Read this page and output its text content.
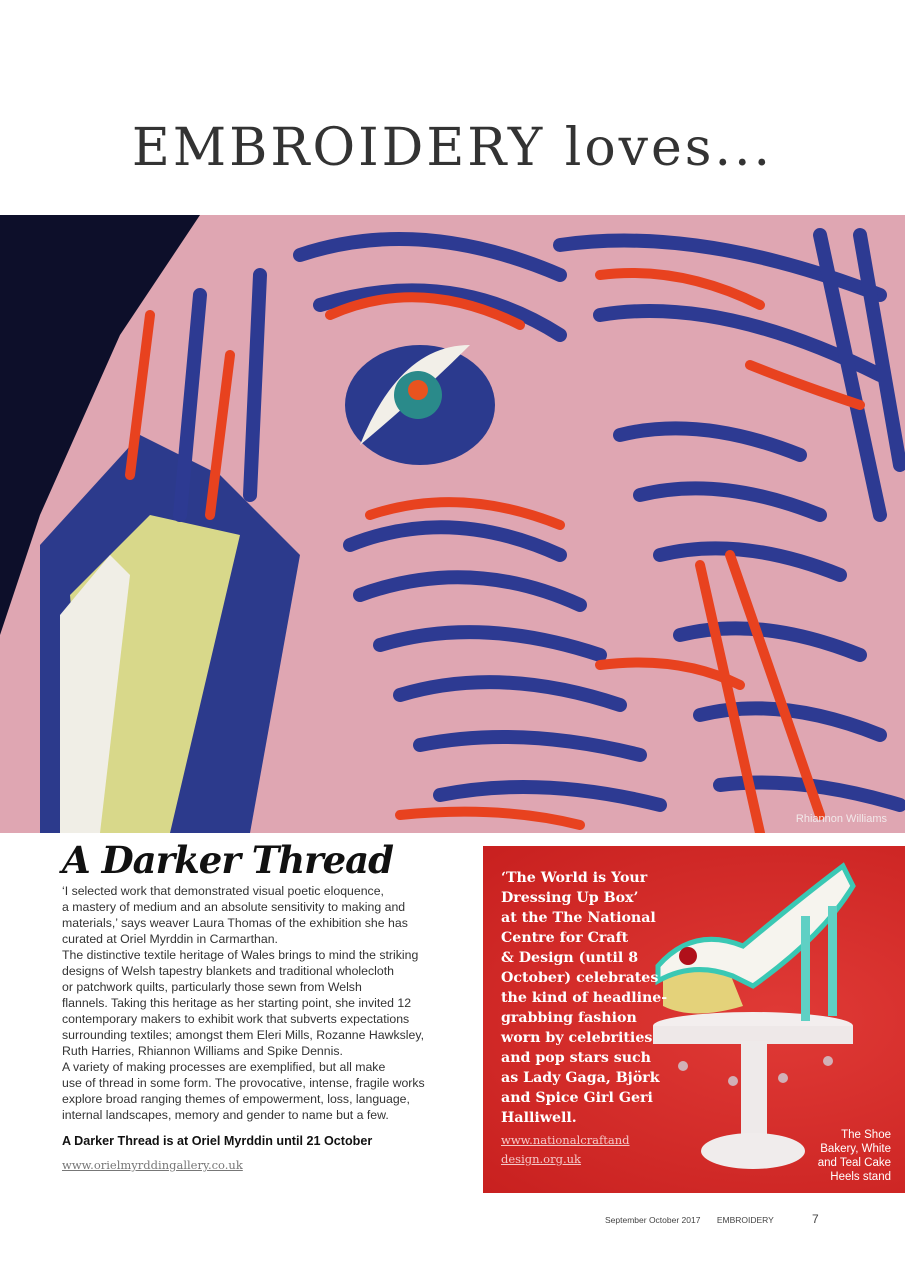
EMBROIDERY loves...
Rhiannon Williams
A Darker Thread
‘I selected work that demonstrated visual poetic eloquence,
a mastery of medium and an absolute sensitivity to making and
materials,’ says weaver Laura Thomas of the exhibition she has
curated at Oriel Myrddin in Carmarthan.
The distinctive textile heritage of Wales brings to mind the striking
designs of Welsh tapestry blankets and traditional wholecloth
or patchwork quilts, particularly those sewn from Welsh
flannels. Taking this heritage as her starting point, she invited 12
contemporary makers to exhibit work that subverts expectations
surrounding textiles; amongst them Eleri Mills, Rozanne Hawksley,
Ruth Harries, Rhiannon Williams and Spike Dennis.
A variety of making processes are exemplified, but all make
use of thread in some form. The provocative, intense, fragile works
explore broad ranging themes of empowerment, loss, language,
internal landscapes, memory and gender to name but a few.
A Darker Thread is at Oriel Myrddin until 21 October
www.orielmyrddingallery.co.uk
‘The World is Your
Dressing Up Box’
at the The National
Centre for Craft
& Design (until 8
October) celebrates
the kind of headline-
grabbing fashion
worn by celebrities
and pop stars such
as Lady Gaga, Björk
and Spice Girl Geri
Halliwell.
www.nationalcraftand
design.org.uk
The Shoe
Bakery, White
and Teal Cake
Heels stand
September October 2017 EMBROIDERY	7
